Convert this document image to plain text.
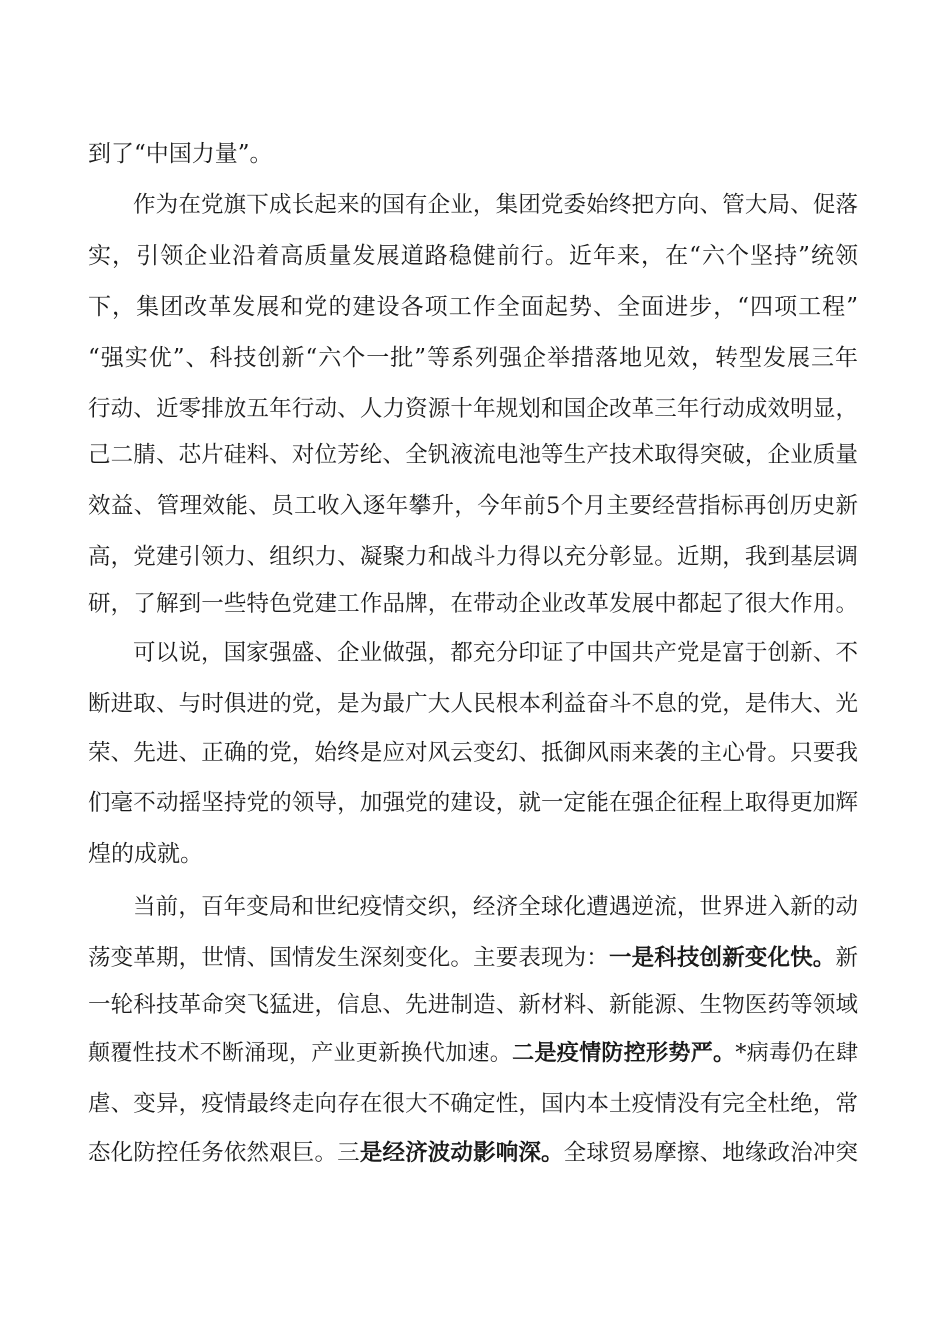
到了“中国力量”。
作为在党旗下成长起来的国有企业，集团党委始终把方向、管大局、促落
实，引领企业沿着高质量发展道路稳健前行。近年来，在“六个坚持”统领
下，集团改革发展和党的建设各项工作全面起势、全面进步，“四项工程”
“强实优”、科技创新“六个一批”等系列强企举措落地见效，转型发展三年
行动、近零排放五年行动、人力资源十年规划和国企改革三年行动成效明显，
己二腈、芯片硅料、对位芳纶、全钒液流电池等生产技术取得突破，企业质量
效益、管理效能、员工收入逐年攀升，今年前5个月主要经营指标再创历史新
高，党建引领力、组织力、凝聚力和战斗力得以充分彰显。近期，我到基层调
研，了解到一些特色党建工作品牌，在带动企业改革发展中都起了很大作用。
可以说，国家强盛、企业做强，都充分印证了中国共产党是富于创新、不
断进取、与时俱进的党，是为最广大人民根本利益奋斗不息的党，是伟大、光
荣、先进、正确的党，始终是应对风云变幻、抵御风雨来袭的主心骨。只要我
们毫不动摇坚持党的领导，加强党的建设，就一定能在强企征程上取得更加辉
煌的成就。
当前，百年变局和世纪疫情交织，经济全球化遭遇逆流，世界进入新的动
荡变革期，世情、国情发生深刻变化。主要表现为：一是科技创新变化快。新
一轮科技革命突飞猛进，信息、先进制造、新材料、新能源、生物医药等领域
颠覆性技术不断涌现，产业更新换代加速。二是疫情防控形势严。*病毒仍在肆
虐、变异，疫情最终走向存在很大不确定性，国内本土疫情没有完全杜绝，常
态化防控任务依然艰巨。三是经济波动影响深。全球贸易摩擦、地缘政治冲突
